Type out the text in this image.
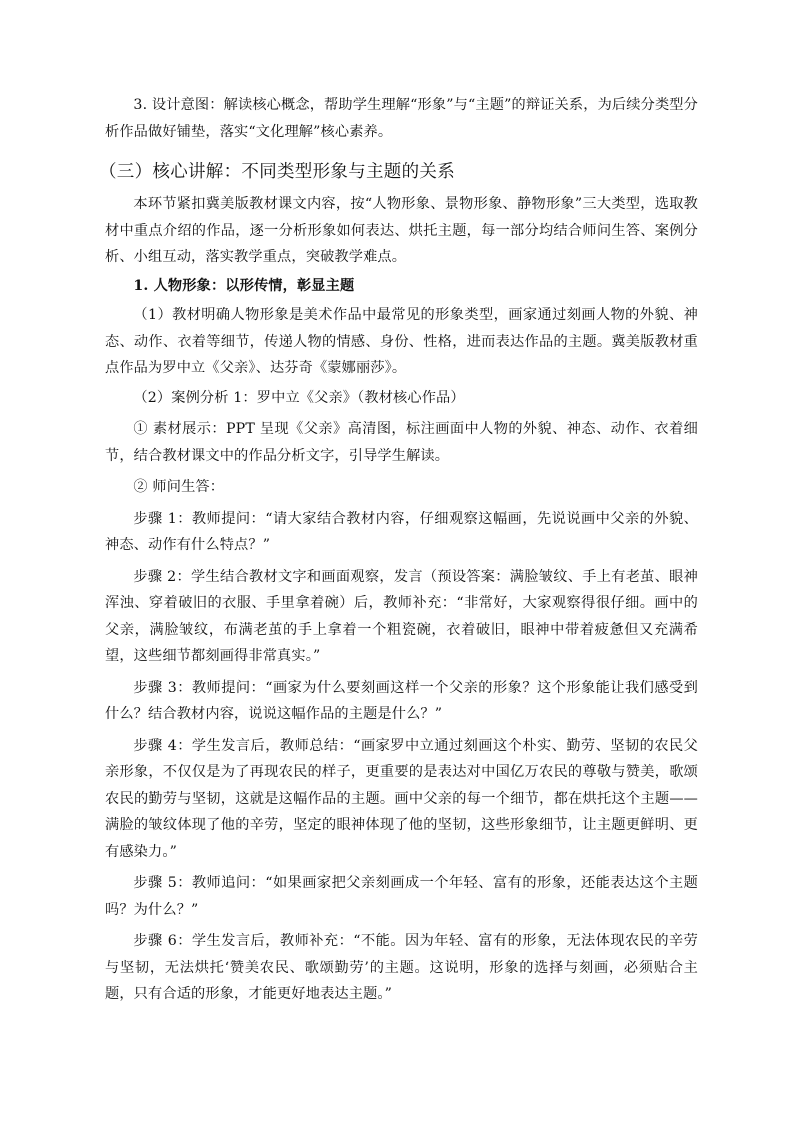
3. 设计意图：解读核心概念，帮助学生理解“形象”与“主题”的辩证关系，为后续分类型分析作品做好铺垫，落实“文化理解”核心素养。

（三）核心讲解：不同类型形象与主题的关系

本环节紧扣冀美版教材课文内容，按“人物形象、景物形象、静物形象”三大类型，选取教材中重点介绍的作品，逐一分析形象如何表达、烘托主题，每一部分均结合师问生答、案例分析、小组互动，落实教学重点，突破教学难点。

1. 人物形象：以形传情，彰显主题

（1）教材明确人物形象是美术作品中最常见的形象类型，画家通过刻画人物的外貌、神态、动作、衣着等细节，传递人物的情感、身份、性格，进而表达作品的主题。冀美版教材重点作品为罗中立《父亲》、达芬奇《蒙娜丽莎》。

（2）案例分析 1：罗中立《父亲》（教材核心作品）

① 素材展示：PPT 呈现《父亲》高清图，标注画面中人物的外貌、神态、动作、衣着细节，结合教材课文中的作品分析文字，引导学生解读。

② 师问生答：

步骤 1：教师提问：“请大家结合教材内容，仔细观察这幅画，先说说画中父亲的外貌、神态、动作有什么特点？”

步骤 2：学生结合教材文字和画面观察，发言（预设答案：满脸皱纹、手上有老茧、眼神浑浊、穿着破旧的衣服、手里拿着碗）后，教师补充：“非常好，大家观察得很仔细。画中的父亲，满脸皱纹，布满老茧的手上拿着一个粗瓷碗，衣着破旧，眼神中带着疲惫但又充满希望，这些细节都刻画得非常真实。”

步骤 3：教师提问：“画家为什么要刻画这样一个父亲的形象？这个形象能让我们感受到什么？结合教材内容，说说这幅作品的主题是什么？”

步骤 4：学生发言后，教师总结：“画家罗中立通过刻画这个朴实、勤劳、坚韧的农民父亲形象，不仅仅是为了再现农民的样子，更重要的是表达对中国亿万农民的尊敬与赞美，歌颂农民的勤劳与坚韧，这就是这幅作品的主题。画中父亲的每一个细节，都在烘托这个主题——满脸的皱纹体现了他的辛劳，坚定的眼神体现了他的坚韧，这些形象细节，让主题更鲜明、更有感染力。”

步骤 5：教师追问：“如果画家把父亲刻画成一个年轻、富有的形象，还能表达这个主题吗？为什么？”

步骤 6：学生发言后，教师补充：“不能。因为年轻、富有的形象，无法体现农民的辛劳与坚韧，无法烘托‘赞美农民、歌颂勤劳’的主题。这说明，形象的选择与刻画，必须贴合主题，只有合适的形象，才能更好地表达主题。”
